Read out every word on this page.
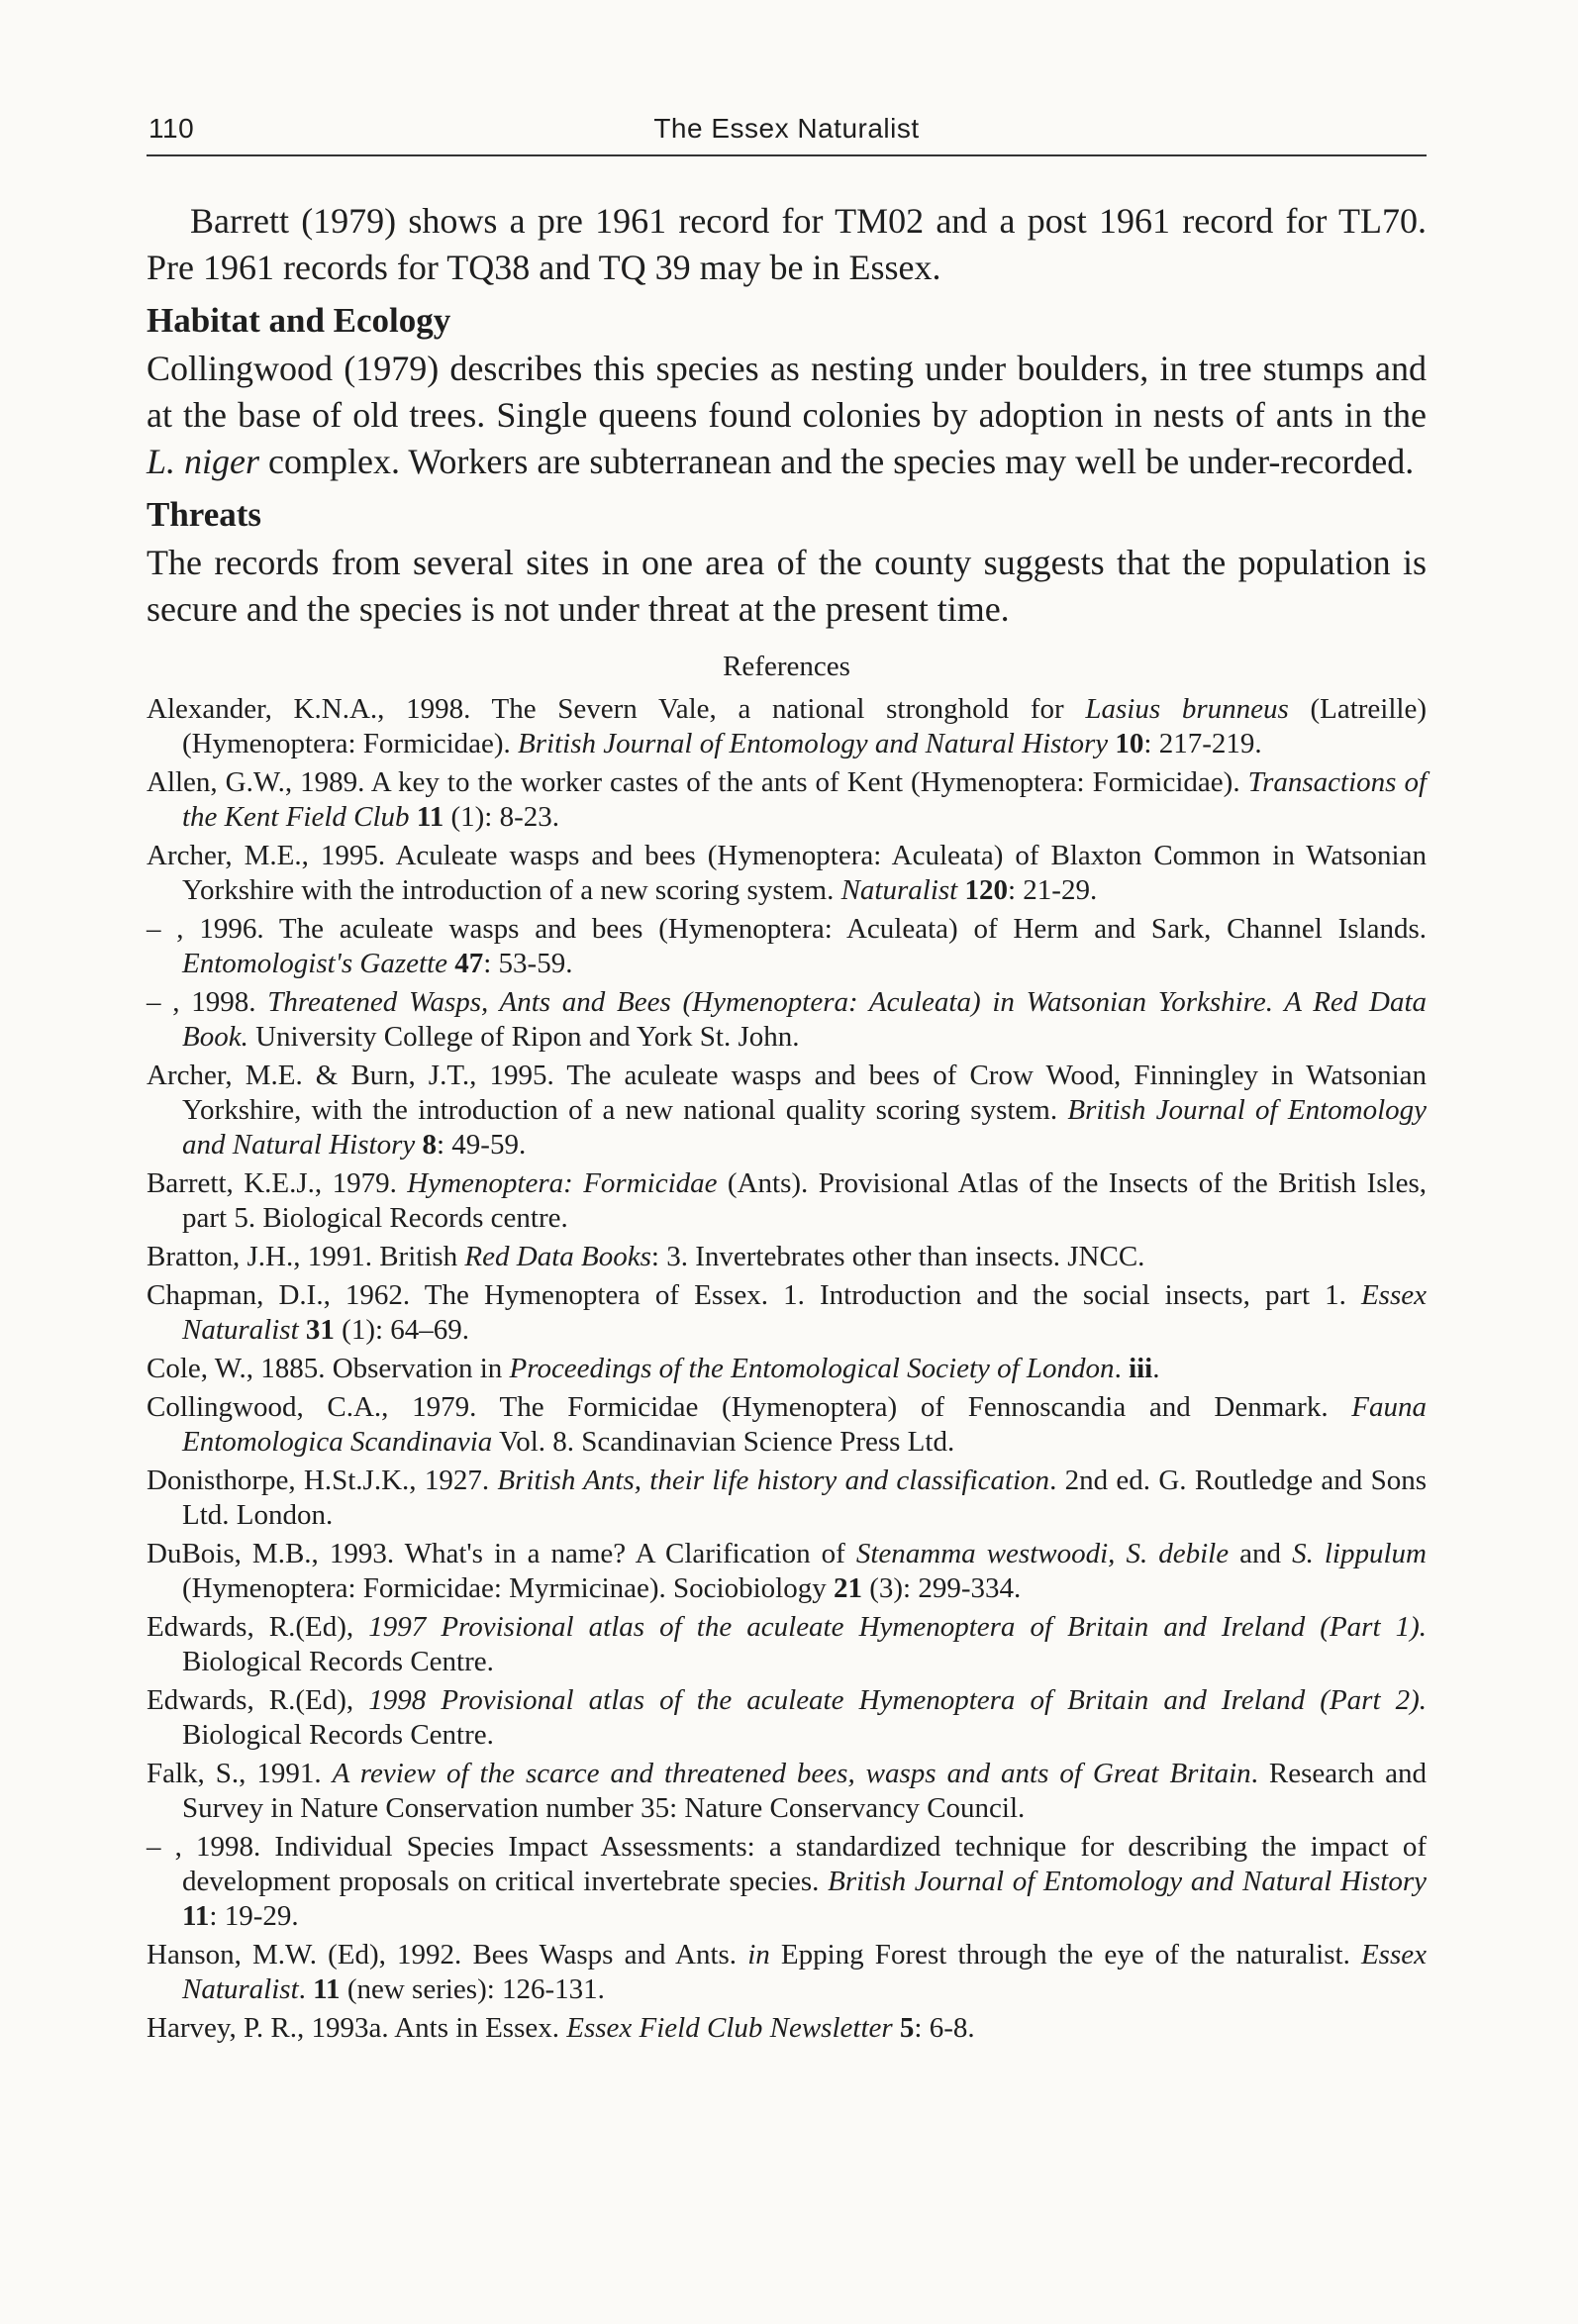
110	The Essex Naturalist

Barrett (1979) shows a pre 1961 record for TM02 and a post 1961 record for TL70. Pre 1961 records for TQ38 and TQ 39 may be in Essex.

Habitat and Ecology

Collingwood (1979) describes this species as nesting under boulders, in tree stumps and at the base of old trees. Single queens found colonies by adoption in nests of ants in the L. niger complex. Workers are subterranean and the species may well be under-recorded.

Threats

The records from several sites in one area of the county suggests that the population is secure and the species is not under threat at the present time.

References

Alexander, K.N.A., 1998. The Severn Vale, a national stronghold for Lasius brunneus (Latreille) (Hymenoptera: Formicidae). British Journal of Entomology and Natural History 10: 217-219.

Allen, G.W., 1989. A key to the worker castes of the ants of Kent (Hymenoptera: Formicidae). Transactions of the Kent Field Club 11 (1): 8-23.

Archer, M.E., 1995. Aculeate wasps and bees (Hymenoptera: Aculeata) of Blaxton Common in Watsonian Yorkshire with the introduction of a new scoring system. Naturalist 120: 21-29.

– , 1996. The aculeate wasps and bees (Hymenoptera: Aculeata) of Herm and Sark, Channel Islands. Entomologist's Gazette 47: 53-59.

– , 1998. Threatened Wasps, Ants and Bees (Hymenoptera: Aculeata) in Watsonian Yorkshire. A Red Data Book. University College of Ripon and York St. John.

Archer, M.E. & Burn, J.T., 1995. The aculeate wasps and bees of Crow Wood, Finningley in Watsonian Yorkshire, with the introduction of a new national quality scoring system. British Journal of Entomology and Natural History 8: 49-59.

Barrett, K.E.J., 1979. Hymenoptera: Formicidae (Ants). Provisional Atlas of the Insects of the British Isles, part 5. Biological Records centre.

Bratton, J.H., 1991. British Red Data Books: 3. Invertebrates other than insects. JNCC.

Chapman, D.I., 1962. The Hymenoptera of Essex. 1. Introduction and the social insects, part 1. Essex Naturalist 31 (1): 64–69.

Cole, W., 1885. Observation in Proceedings of the Entomological Society of London. iii.

Collingwood, C.A., 1979. The Formicidae (Hymenoptera) of Fennoscandia and Denmark. Fauna Entomologica Scandinavia Vol. 8. Scandinavian Science Press Ltd.

Donisthorpe, H.St.J.K., 1927. British Ants, their life history and classification. 2nd ed. G. Routledge and Sons Ltd. London.

DuBois, M.B., 1993. What's in a name? A Clarification of Stenamma westwoodi, S. debile and S. lippulum (Hymenoptera: Formicidae: Myrmicinae). Sociobiology 21 (3): 299-334.

Edwards, R.(Ed), 1997 Provisional atlas of the aculeate Hymenoptera of Britain and Ireland (Part 1). Biological Records Centre.

Edwards, R.(Ed), 1998 Provisional atlas of the aculeate Hymenoptera of Britain and Ireland (Part 2). Biological Records Centre.

Falk, S., 1991. A review of the scarce and threatened bees, wasps and ants of Great Britain. Research and Survey in Nature Conservation number 35: Nature Conservancy Council.

– , 1998. Individual Species Impact Assessments: a standardized technique for describing the impact of development proposals on critical invertebrate species. British Journal of Entomology and Natural History 11: 19-29.

Hanson, M.W. (Ed), 1992. Bees Wasps and Ants. in Epping Forest through the eye of the naturalist. Essex Naturalist. 11 (new series): 126-131.

Harvey, P. R., 1993a. Ants in Essex. Essex Field Club Newsletter 5: 6-8.
